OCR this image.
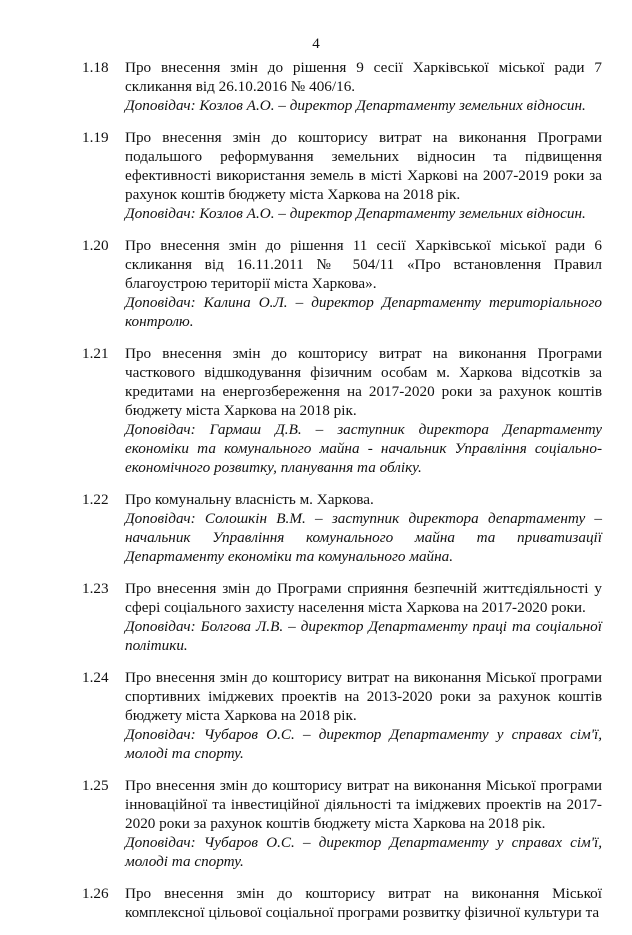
4
1.18	Про внесення змін до рішення 9 сесії Харківської міської ради 7 скликання від 26.10.2016 № 406/16.
Доповідач: Козлов А.О. – директор Департаменту земельних відносин.
1.19	Про внесення змін до кошторису витрат на виконання Програми подальшого реформування земельних відносин та підвищення ефективності використання земель в місті Харкові на 2007-2019 роки за рахунок коштів бюджету міста Харкова на 2018 рік.
Доповідач: Козлов А.О. – директор Департаменту земельних відносин.
1.20	Про внесення змін до рішення 11 сесії Харківської міської ради 6 скликання від 16.11.2011 № 504/11 «Про встановлення Правил благоустрою території міста Харкова».
Доповідач: Калина О.Л. – директор Департаменту територіального контролю.
1.21	Про внесення змін до кошторису витрат на виконання Програми часткового відшкодування фізичним особам м. Харкова відсотків за кредитами на енергозбереження на 2017-2020 роки за рахунок коштів бюджету міста Харкова на 2018 рік.
Доповідач: Гармаш Д.В. – заступник директора Департаменту економіки та комунального майна - начальник Управління соціально-економічного розвитку, планування та обліку.
1.22	Про комунальну власність м. Харкова.
Доповідач: Солошкін В.М. – заступник директора департаменту – начальник Управління комунального майна та приватизації Департаменту економіки та комунального майна.
1.23	Про внесення змін до Програми сприяння безпечній життєдіяльності у сфері соціального захисту населення міста Харкова на 2017-2020 роки.
Доповідач: Болгова Л.В. – директор Департаменту праці та соціальної політики.
1.24	Про внесення змін до кошторису витрат на виконання Міської програми спортивних іміджевих проектів на 2013-2020 роки за рахунок коштів бюджету міста Харкова на 2018 рік.
Доповідач: Чубаров О.С. – директор Департаменту у справах сім'ї, молоді та спорту.
1.25	Про внесення змін до кошторису витрат на виконання Міської програми інноваційної та інвестиційної діяльності та іміджевих проектів на 2017-2020 роки за рахунок коштів бюджету міста Харкова на 2018 рік.
Доповідач: Чубаров О.С. – директор Департаменту у справах сім'ї, молоді та спорту.
1.26	Про внесення змін до кошторису витрат на виконання Міської комплексної цільової соціальної програми розвитку фізичної культури та
